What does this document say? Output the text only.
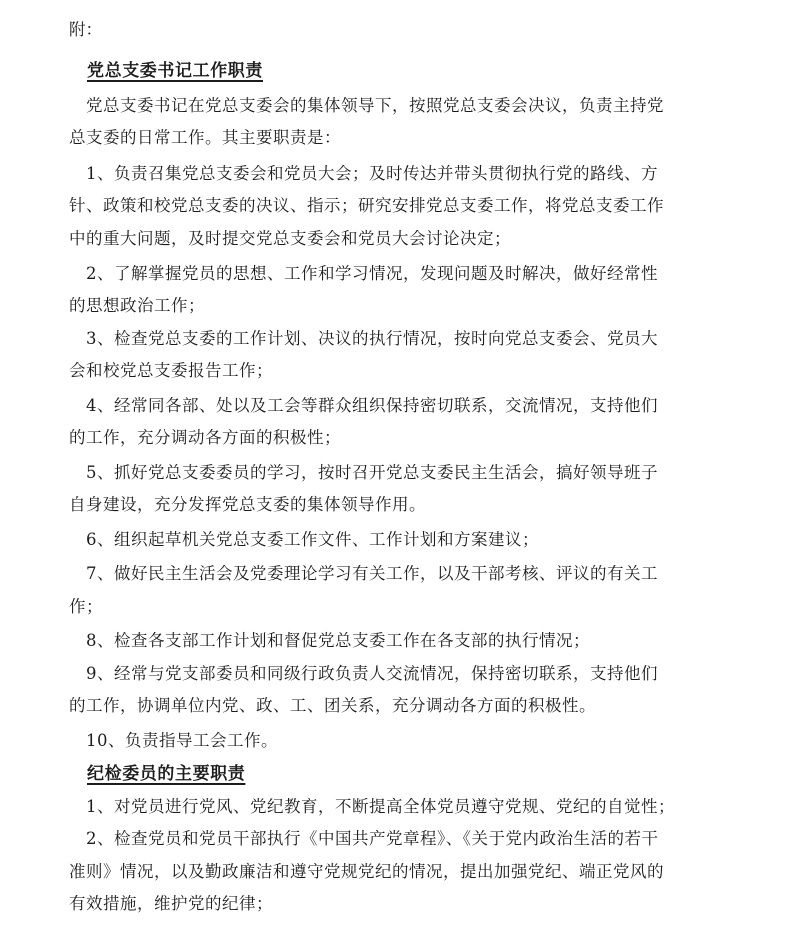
附：
党总支委书记工作职责
党总支委书记在党总支委会的集体领导下，按照党总支委会决议，负责主持党
总支委的日常工作。其主要职责是：
1、负责召集党总支委会和党员大会；及时传达并带头贯彻执行党的路线、方
针、政策和校党总支委的决议、指示；研究安排党总支委工作，将党总支委工作
中的重大问题，及时提交党总支委会和党员大会讨论决定；
2、了解掌握党员的思想、工作和学习情况，发现问题及时解决，做好经常性
的思想政治工作；
3、检查党总支委的工作计划、决议的执行情况，按时向党总支委会、党员大
会和校党总支委报告工作；
4、经常同各部、处以及工会等群众组织保持密切联系，交流情况，支持他们
的工作，充分调动各方面的积极性；
5、抓好党总支委委员的学习，按时召开党总支委民主生活会，搞好领导班子
自身建设，充分发挥党总支委的集体领导作用。
6、组织起草机关党总支委工作文件、工作计划和方案建议；
7、做好民主生活会及党委理论学习有关工作，以及干部考核、评议的有关工
作；
8、检查各支部工作计划和督促党总支委工作在各支部的执行情况；
9、经常与党支部委员和同级行政负责人交流情况，保持密切联系，支持他们
的工作，协调单位内党、政、工、团关系，充分调动各方面的积极性。
10、负责指导工会工作。
纪检委员的主要职责
1、对党员进行党风、党纪教育，不断提高全体党员遵守党规、党纪的自觉性；
2、检查党员和党员干部执行《中国共产党章程》、《关于党内政治生活的若干
准则》情况，以及勤政廉洁和遵守党规党纪的情况，提出加强党纪、端正党风的
有效措施，维护党的纪律；
